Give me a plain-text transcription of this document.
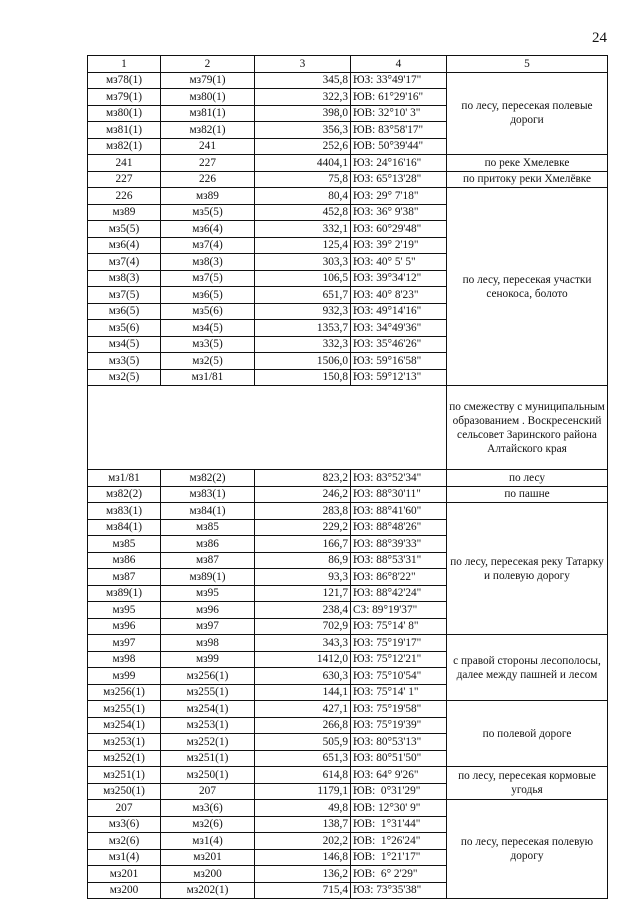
24
1	2	3	4	5
мз78(1)	мз79(1)	345,8	ЮЗ: 33°49'17"	по лесу, пересекая полевые дороги
мз79(1)	мз80(1)	322,3	ЮВ: 61°29'16"	
мз80(1)	мз81(1)	398,0	ЮВ: 32°10' 3"	
мз81(1)	мз82(1)	356,3	ЮВ: 83°58'17"	
мз82(1)	241	252,6	ЮВ: 50°39'44"	
241	227	4404,1	ЮЗ: 24°16'16"	по реке Хмелевке
227	226	75,8	ЮЗ: 65°13'28"	по притоку реки Хмелёвке
226	мз89	80,4	ЮЗ: 29° 7'18"	по лесу, пересекая участки сенокоса, болото
мз89	мз5(5)	452,8	ЮЗ: 36° 9'38"	
мз5(5)	мз6(4)	332,1	ЮЗ: 60°29'48"	
мз6(4)	мз7(4)	125,4	ЮЗ: 39° 2'19"	
мз7(4)	мз8(3)	303,3	ЮЗ: 40° 5' 5"	
мз8(3)	мз7(5)	106,5	ЮЗ: 39°34'12"	
мз7(5)	мз6(5)	651,7	ЮЗ: 40° 8'23"	
мз6(5)	мз5(6)	932,3	ЮЗ: 49°14'16"	
мз5(6)	мз4(5)	1353,7	ЮЗ: 34°49'36"	
мз4(5)	мз3(5)	332,3	ЮЗ: 35°46'26"	
мз3(5)	мз2(5)	1506,0	ЮЗ: 59°16'58"	
мз2(5)	мз1/81	150,8	ЮЗ: 59°12'13"	
				по смежеству с муниципальным образованием . Воскресенский сельсовет Заринского района Алтайского края
мз1/81	мз82(2)	823,2	ЮЗ: 83°52'34"	по лесу
мз82(2)	мз83(1)	246,2	ЮЗ: 88°30'11"	по пашне
мз83(1)	мз84(1)	283,8	ЮЗ: 88°41'60"	по лесу, пересекая реку Татарку и полевую дорогу
мз84(1)	мз85	229,2	ЮЗ: 88°48'26"	
мз85	мз86	166,7	ЮЗ: 88°39'33"	
мз86	мз87	86,9	ЮЗ: 88°53'31"	
мз87	мз89(1)	93,3	ЮЗ: 86°8'22"	
мз89(1)	мз95	121,7	ЮЗ: 88°42'24"	
мз95	мз96	238,4	СЗ: 89°19'37"	
мз96	мз97	702,9	ЮЗ: 75°14' 8"	
мз97	мз98	343,3	ЮЗ: 75°19'17"	с правой стороны лесополосы, далее между пашней и лесом
мз98	мз99	1412,0	ЮЗ: 75°12'21"	
мз99	мз256(1)	630,3	ЮЗ: 75°10'54"	
мз256(1)	мз255(1)	144,1	ЮЗ: 75°14' 1"	
мз255(1)	мз254(1)	427,1	ЮЗ: 75°19'58"	по полевой дороге
мз254(1)	мз253(1)	266,8	ЮЗ: 75°19'39"	
мз253(1)	мз252(1)	505,9	ЮЗ: 80°53'13"	
мз252(1)	мз251(1)	651,3	ЮЗ: 80°51'50"	
мз251(1)	мз250(1)	614,8	ЮЗ: 64° 9'26"	по лесу, пересекая кормовые угодья
мз250(1)	207	1179,1	ЮВ:  0°31'29"	
207	мз3(6)	49,8	ЮВ: 12°30' 9"	по лесу, пересекая полевую дорогу
мз3(6)	мз2(6)	138,7	ЮВ:  1°31'44"	
мз2(6)	мз1(4)	202,2	ЮВ:  1°26'24"	
мз1(4)	мз201	146,8	ЮВ:  1°21'17"	
мз201	мз200	136,2	ЮВ:  6° 2'29"	
мз200	мз202(1)	715,4	ЮЗ: 73°35'38"	
